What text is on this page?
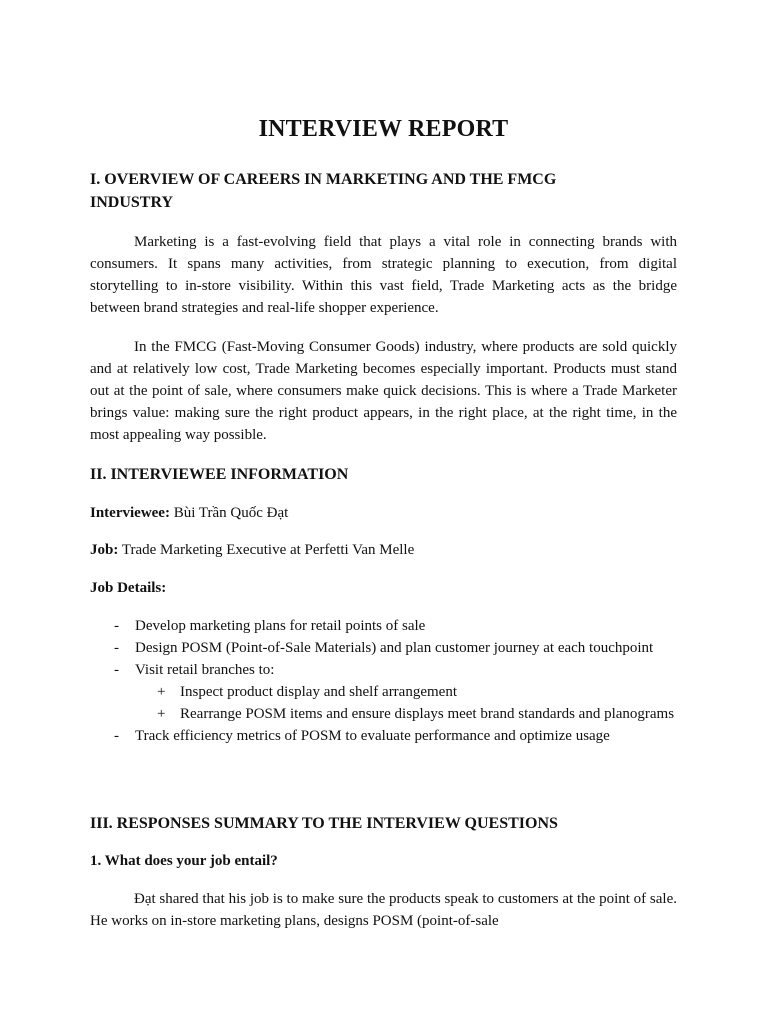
INTERVIEW REPORT
I. OVERVIEW OF CAREERS IN MARKETING AND THE FMCG
INDUSTRY
Marketing is a fast-evolving field that plays a vital role in connecting brands with consumers. It spans many activities, from strategic planning to execution, from digital storytelling to in-store visibility. Within this vast field, Trade Marketing acts as the bridge between brand strategies and real-life shopper experience.
In the FMCG (Fast-Moving Consumer Goods) industry, where products are sold quickly and at relatively low cost, Trade Marketing becomes especially important. Products must stand out at the point of sale, where consumers make quick decisions. This is where a Trade Marketer brings value: making sure the right product appears, in the right place, at the right time, in the most appealing way possible.
II. INTERVIEWEE INFORMATION
Interviewee: Bùi Trần Quốc Đạt
Job: Trade Marketing Executive at Perfetti Van Melle
Job Details:
- Develop marketing plans for retail points of sale
- Design POSM (Point-of-Sale Materials) and plan customer journey at each touchpoint
- Visit retail branches to:
+ Inspect product display and shelf arrangement
+ Rearrange POSM items and ensure displays meet brand standards and planograms
- Track efficiency metrics of POSM to evaluate performance and optimize usage
III. RESPONSES SUMMARY TO THE INTERVIEW QUESTIONS
1. What does your job entail?
Đạt shared that his job is to make sure the products speak to customers at the point of sale. He works on in-store marketing plans, designs POSM (point-of-sale
